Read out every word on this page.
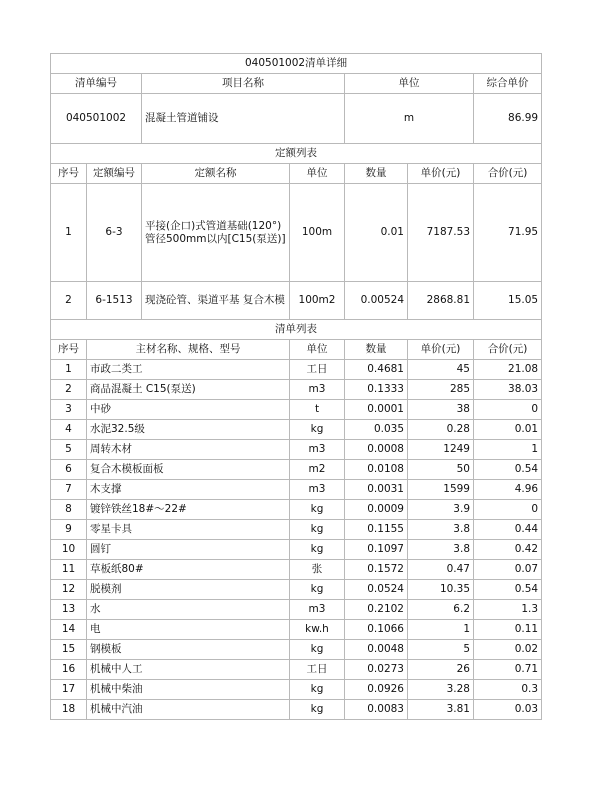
040501002清单详细						
清单编号		项目名称		单位		综合单价
040501002		混凝土管道铺设		m		86.99
定额列表						
序号	定额编号	定额名称	单位	数量	单价(元)	合价(元)
1	6-3	平接(企口)式管道基础(120°)管径500mm以内[C15(泵送)]	100m	0.01	7187.53	71.95
2	6-1513	现浇砼管、渠道平基 复合木模	100m2	0.00524	2868.81	15.05
清单列表						
序号	主材名称、规格、型号		单位	数量	单价(元)	合价(元)
1	市政二类工		工日	0.4681	45	21.08
2	商品混凝土 C15(泵送)		m3	0.1333	285	38.03
3	中砂		t	0.0001	38	0
4	水泥32.5级		kg	0.035	0.28	0.01
5	周转木材		m3	0.0008	1249	1
6	复合木模板面板		m2	0.0108	50	0.54
7	木支撑		m3	0.0031	1599	4.96
8	镀锌铁丝18#～22#		kg	0.0009	3.9	0
9	零星卡具		kg	0.1155	3.8	0.44
10	圆钉		kg	0.1097	3.8	0.42
11	草板纸80#		张	0.1572	0.47	0.07
12	脱模剂		kg	0.0524	10.35	0.54
13	水		m3	0.2102	6.2	1.3
14	电		kw.h	0.1066	1	0.11
15	钢模板		kg	0.0048	5	0.02
16	机械中人工		工日	0.0273	26	0.71
17	机械中柴油		kg	0.0926	3.28	0.3
18	机械中汽油		kg	0.0083	3.81	0.03
